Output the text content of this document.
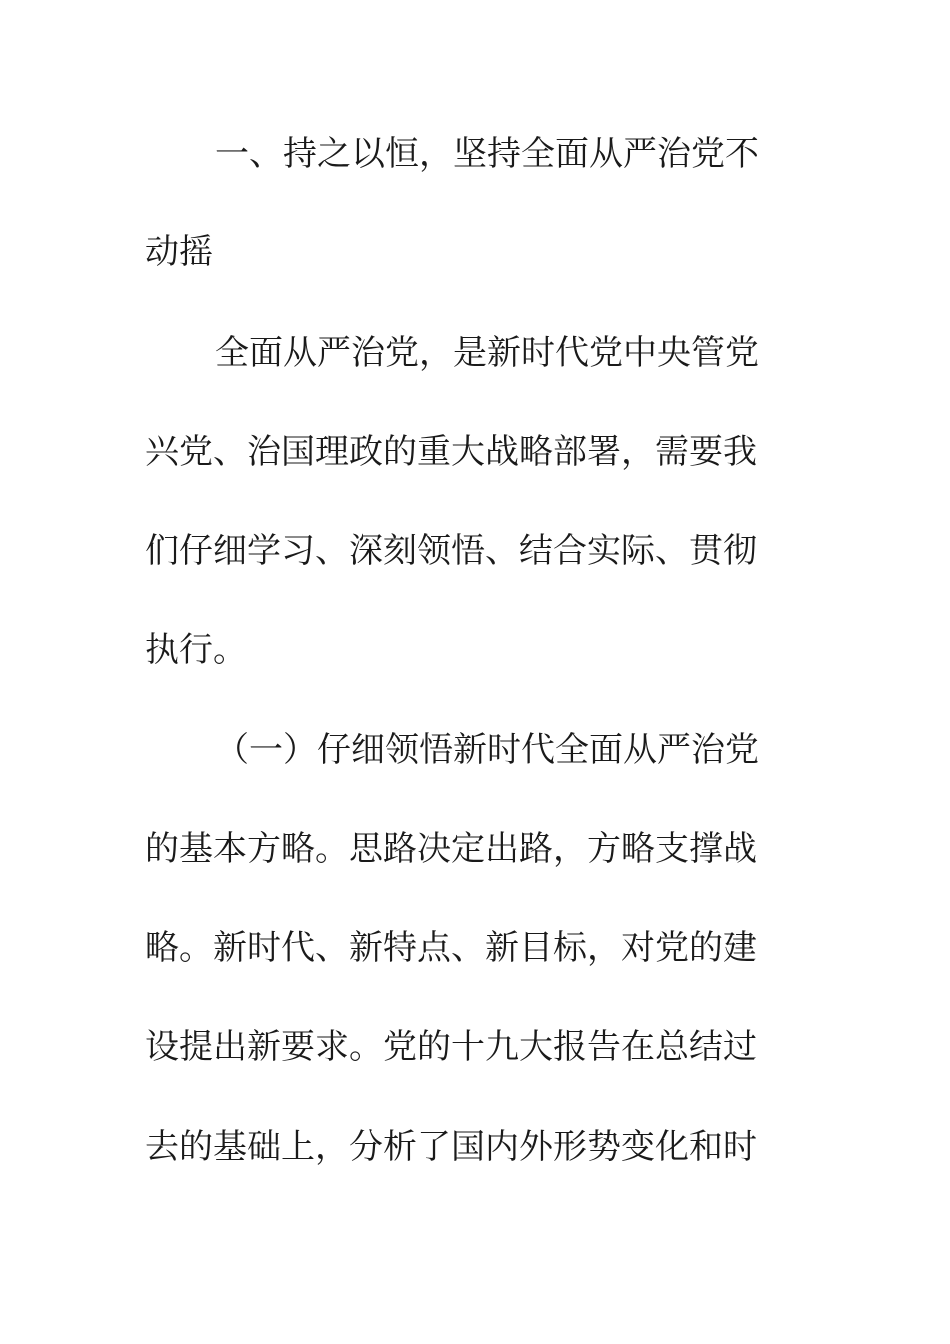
一、持之以恒，坚持全面从严治党不
动摇
全面从严治党，是新时代党中央管党
兴党、治国理政的重大战略部署，需要我
们仔细学习、深刻领悟、结合实际、贯彻
执行。
（一）仔细领悟新时代全面从严治党
的基本方略。思路决定出路，方略支撑战
略。新时代、新特点、新目标，对党的建
设提出新要求。党的十九大报告在总结过
去的基础上，分析了国内外形势变化和时
